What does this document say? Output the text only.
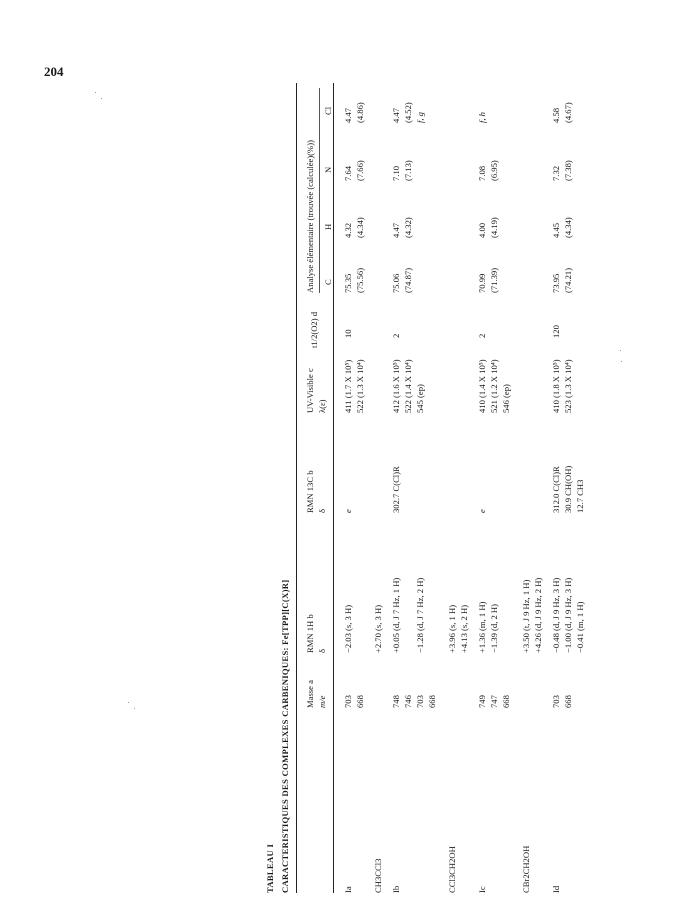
204
TABLEAU I CARACTERISTIQUES DES COMPLEXES CARBENIQUES: Fe[TPP][C(X)R] Masse a m/e
RMN 1H b δ
RMN 13C b δ
UV-Visible c λ(ε)
t1/2(O2) d
Analyse élémentaire (trouvée (calculée)(%)) C
H
N
Cl
Ia
703 668
−2.03 (s, 3 H)
e
411 (1.7 X 10⁵) 522 (1.3 X 10⁴)
10
CH3CCl3
+2.70 (s, 3 H)
Ib
748 746 703 668
+0.05 (d, J 7 Hz, 1 H) −1.28 (d, J 7 Hz, 2 H)
302.7 C(Cl)R
412 (1.6 X 10⁵) 522 (1.4 X 10⁴) 545 (ep)
2
CCl3CH2OH
+3.96 (s, 1 H) +4.13 (s, 2 H)
Ic
749 747 668
+1.36 (m, 1 H) −1.39 (d, 2 H)
e
410 (1.4 X 10⁵) 521 (1.2 X 10⁴) 546 (ep)
2
CBr2CH2OH
+3.50 (t, J 9 Hz, 1 H) +4.26 (d, J 9 Hz, 2 H)
Id
703 668
−0.48 (d, J 9 Hz, 3 H) −1.00 (d, J 9 Hz, 3 H) −0.41 (m, 1 H)
312.0 C(Cl)R 30.9 CH(OH) 12.7 CH3
410 (1.8 X 10⁵) 523 (1.3 X 10⁴)
120
75.35 (75.56)
4.32 (4.34)
7.64 (7.66)
4.47 (4.86)
75.06 (74.87)
4.47 (4.32)
7.10 (7.13)
4.47 (4.52) f, g
70.99 (71.39)
4.00 (4.19)
7.08 (6.95)
f, h
73.95 (74.21)
4.45 (4.34)
7.32 (7.38)
4.58 (4.67)
